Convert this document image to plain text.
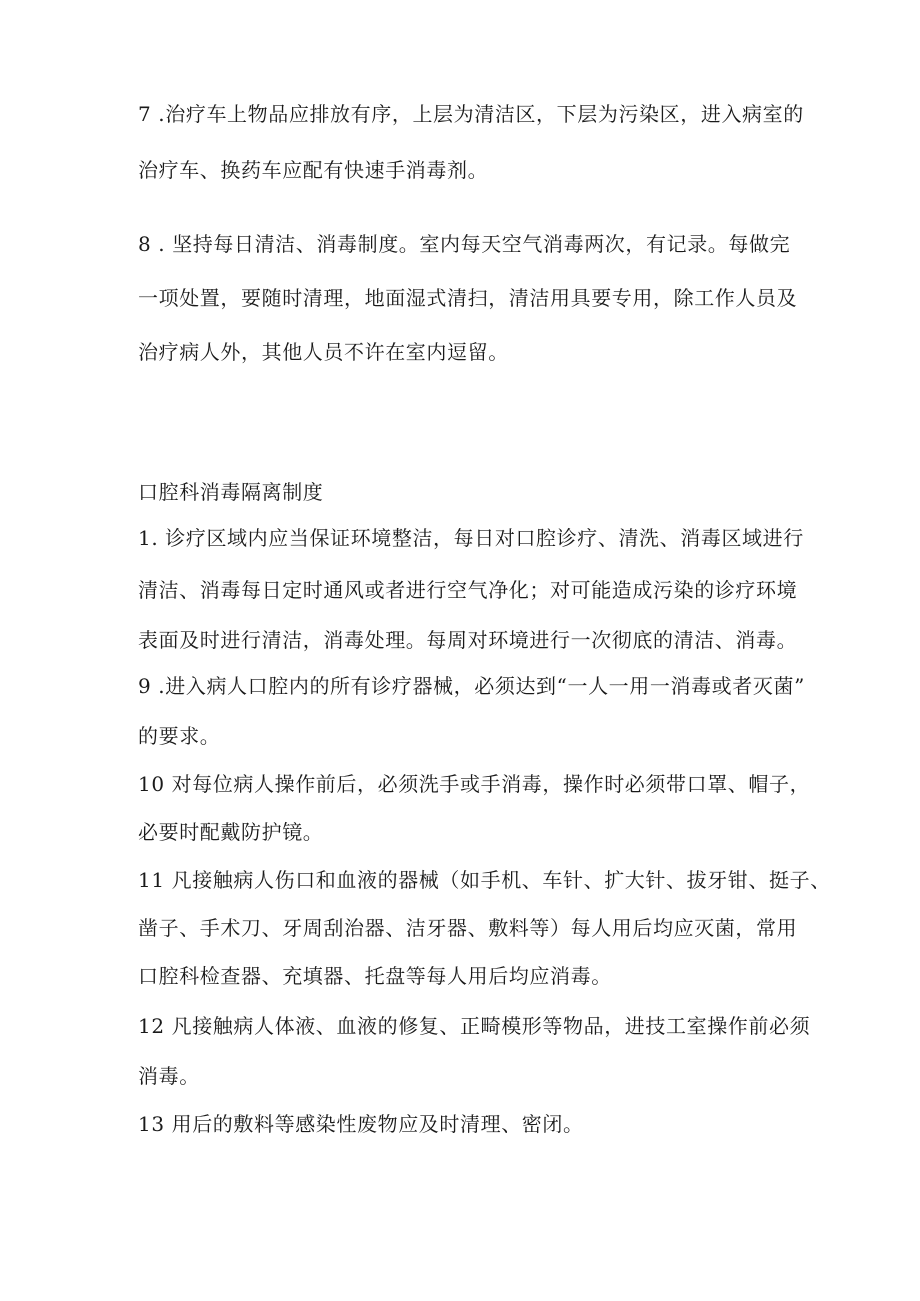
7 .治疗车上物品应排放有序，上层为清洁区，下层为污染区，进入病室的
治疗车、换药车应配有快速手消毒剂。
8 . 坚持每日清洁、消毒制度。室内每天空气消毒两次，有记录。每做完
一项处置，要随时清理，地面湿式清扫，清洁用具要专用，除工作人员及
治疗病人外，其他人员不许在室内逗留。
口腔科消毒隔离制度
1. 诊疗区域内应当保证环境整洁，每日对口腔诊疗、清洗、消毒区域进行
清洁、消毒每日定时通风或者进行空气净化；对可能造成污染的诊疗环境
表面及时进行清洁，消毒处理。每周对环境进行一次彻底的清洁、消毒。
9 .进入病人口腔内的所有诊疗器械，必须达到“一人一用一消毒或者灭菌”
的要求。
10 对每位病人操作前后，必须洗手或手消毒，操作时必须带口罩、帽子，
必要时配戴防护镜。
11 凡接触病人伤口和血液的器械（如手机、车针、扩大针、拔牙钳、挺子、
凿子、手术刀、牙周刮治器、洁牙器、敷料等）每人用后均应灭菌，常用
口腔科检查器、充填器、托盘等每人用后均应消毒。
12 凡接触病人体液、血液的修复、正畸模形等物品，进技工室操作前必须
消毒。
13 用后的敷料等感染性废物应及时清理、密闭。
